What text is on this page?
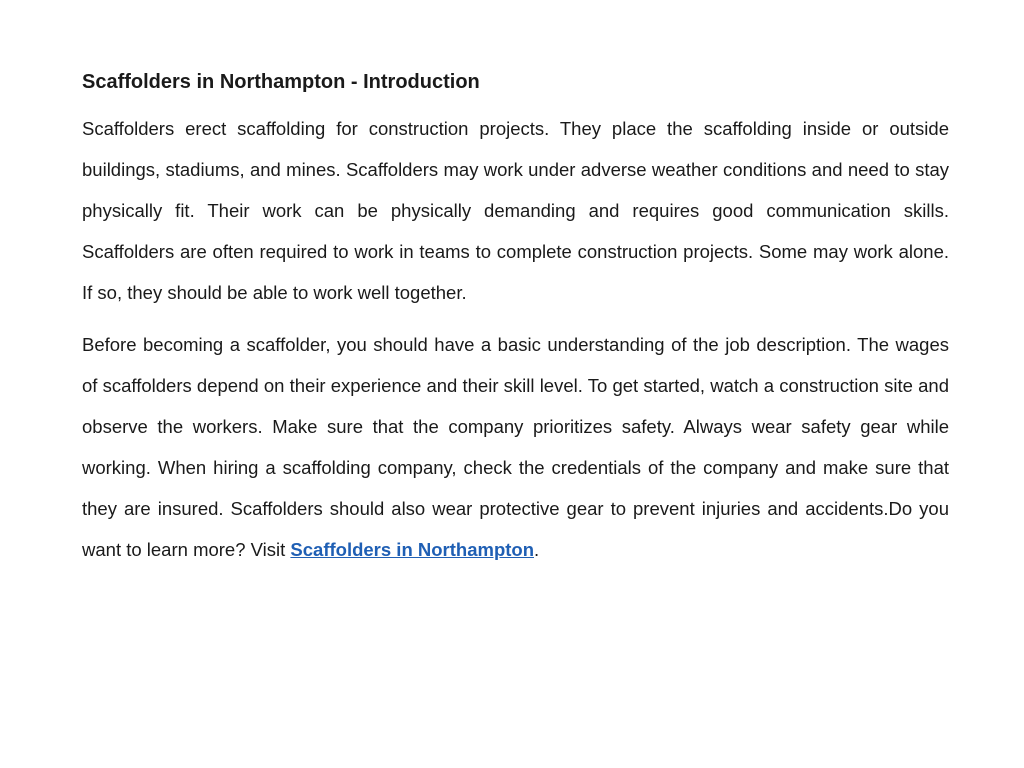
Scaffolders in Northampton - Introduction

Scaffolders erect scaffolding for construction projects. They place the scaffolding inside or outside buildings, stadiums, and mines. Scaffolders may work under adverse weather conditions and need to stay physically fit. Their work can be physically demanding and requires good communication skills. Scaffolders are often required to work in teams to complete construction projects. Some may work alone. If so, they should be able to work well together.

Before becoming a scaffolder, you should have a basic understanding of the job description. The wages of scaffolders depend on their experience and their skill level. To get started, watch a construction site and observe the workers. Make sure that the company prioritizes safety. Always wear safety gear while working. When hiring a scaffolding company, check the credentials of the company and make sure that they are insured. Scaffolders should also wear protective gear to prevent injuries and accidents.Do you want to learn more? Visit Scaffolders in Northampton.
